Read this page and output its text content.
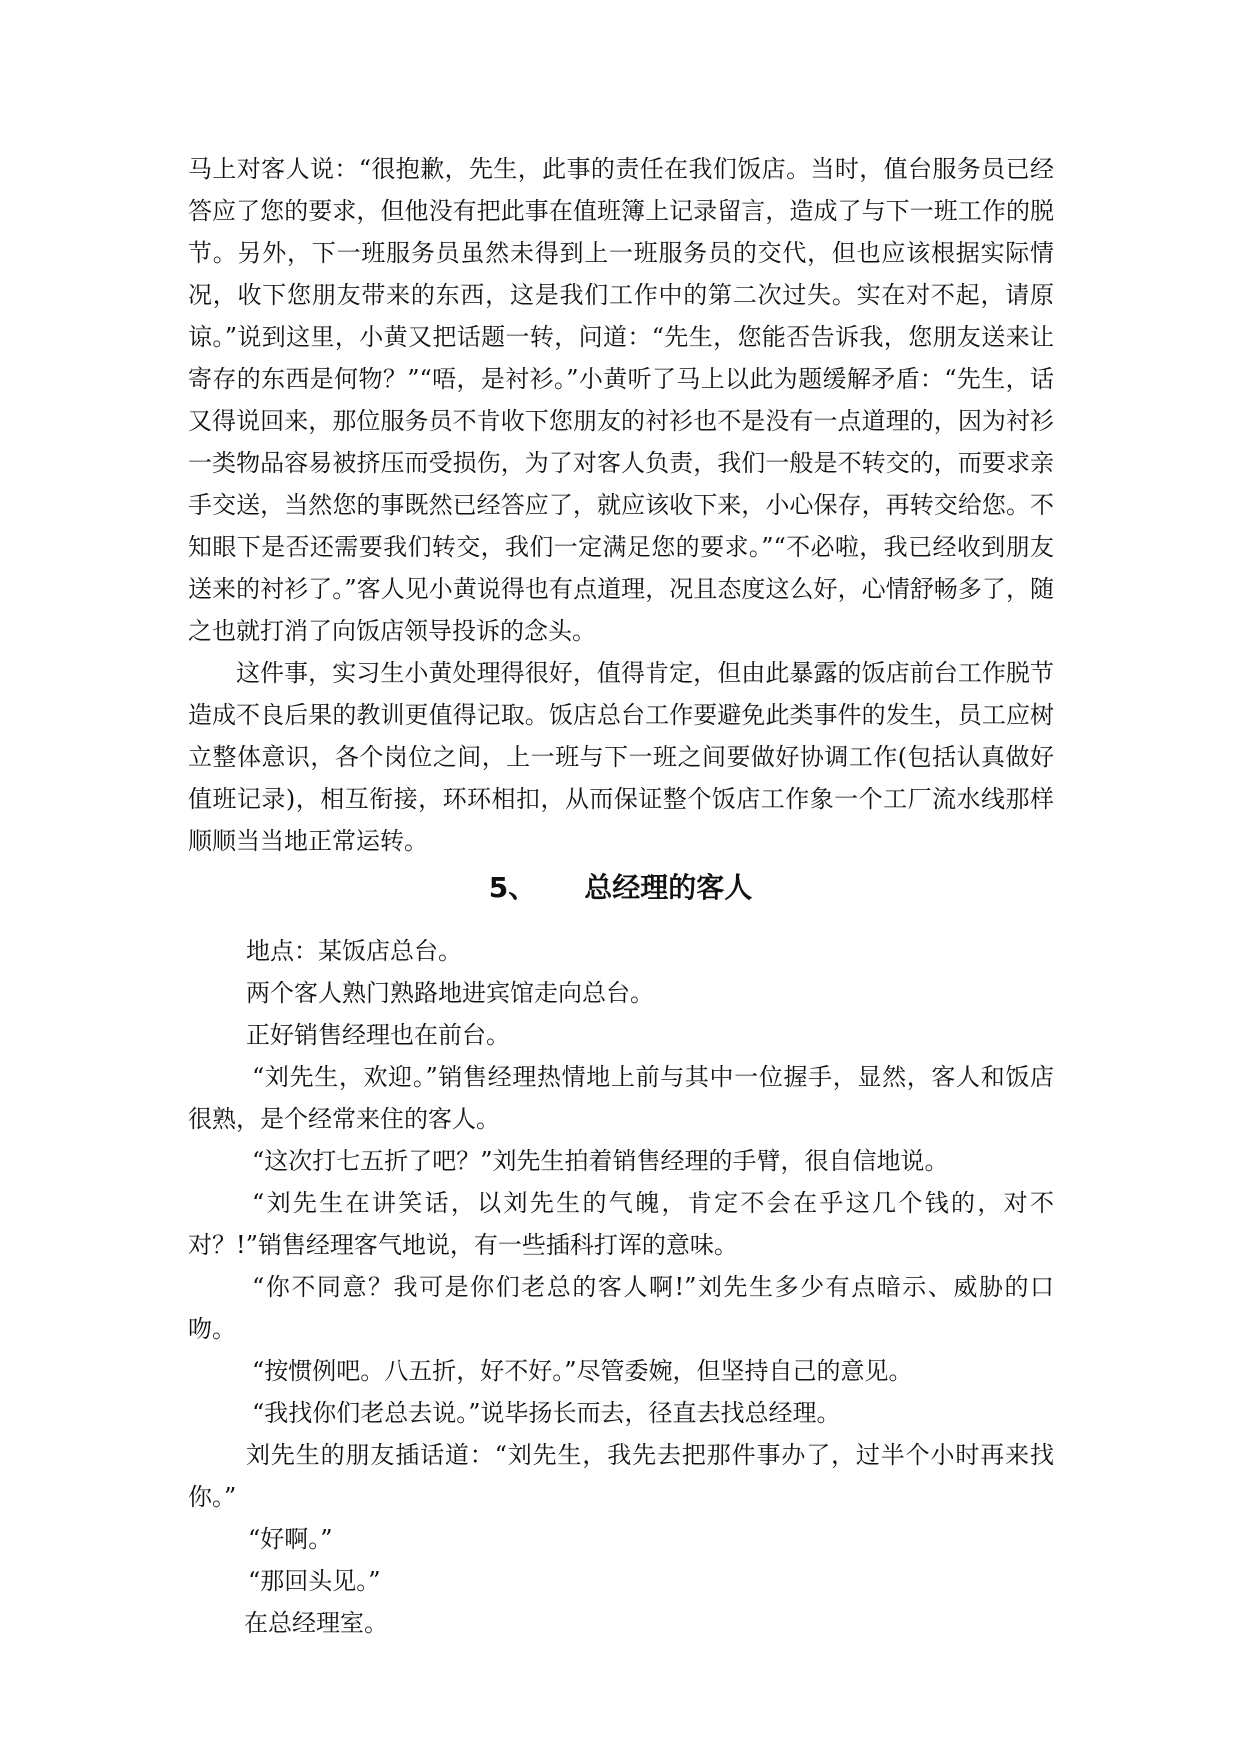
马上对客人说：“很抱歉，先生，此事的责任在我们饭店。当时，值台服务员已经答应了您的要求，但他没有把此事在值班簿上记录留言，造成了与下一班工作的脱节。另外，下一班服务员虽然未得到上一班服务员的交代，但也应该根据实际情况，收下您朋友带来的东西，这是我们工作中的第二次过失。实在对不起，请原谅。”说到这里，小黄又把话题一转，问道：“先生，您能否告诉我，您朋友送来让寄存的东西是何物？”“唔，是衬衫。”小黄听了马上以此为题缓解矛盾：“先生，话又得说回来，那位服务员不肯收下您朋友的衬衫也不是没有一点道理的，因为衬衫一类物品容易被挤压而受损伤，为了对客人负责，我们一般是不转交的，而要求亲手交送，当然您的事既然已经答应了，就应该收下来，小心保存，再转交给您。不知眼下是否还需要我们转交，我们一定满足您的要求。”“不必啦，我已经收到朋友送来的衬衫了。”客人见小黄说得也有点道理，况且态度这么好，心情舒畅多了，随之也就打消了向饭店领导投诉的念头。

这件事，实习生小黄处理得很好，值得肯定，但由此暴露的饭店前台工作脱节造成不良后果的教训更值得记取。饭店总台工作要避免此类事件的发生，员工应树立整体意识，各个岗位之间，上一班与下一班之间要做好协调工作(包括认真做好值班记录)，相互衔接，环环相扣，从而保证整个饭店工作象一个工厂流水线那样顺顺当当地正常运转。

5、 总经理的客人

地点：某饭店总台。

两个客人熟门熟路地进宾馆走向总台。

正好销售经理也在前台。

“刘先生，欢迎。”销售经理热情地上前与其中一位握手，显然，客人和饭店很熟，是个经常来住的客人。

“这次打七五折了吧？”刘先生拍着销售经理的手臂，很自信地说。

“刘先生在讲笑话，以刘先生的气魄，肯定不会在乎这几个钱的，对不对？!”销售经理客气地说，有一些插科打诨的意味。

“你不同意？我可是你们老总的客人啊!”刘先生多少有点暗示、威胁的口吻。

“按惯例吧。八五折，好不好。”尽管委婉，但坚持自己的意见。

“我找你们老总去说。”说毕扬长而去，径直去找总经理。

刘先生的朋友插话道：“刘先生，我先去把那件事办了，过半个小时再来找你。”

“好啊。”

“那回头见。”

在总经理室。
